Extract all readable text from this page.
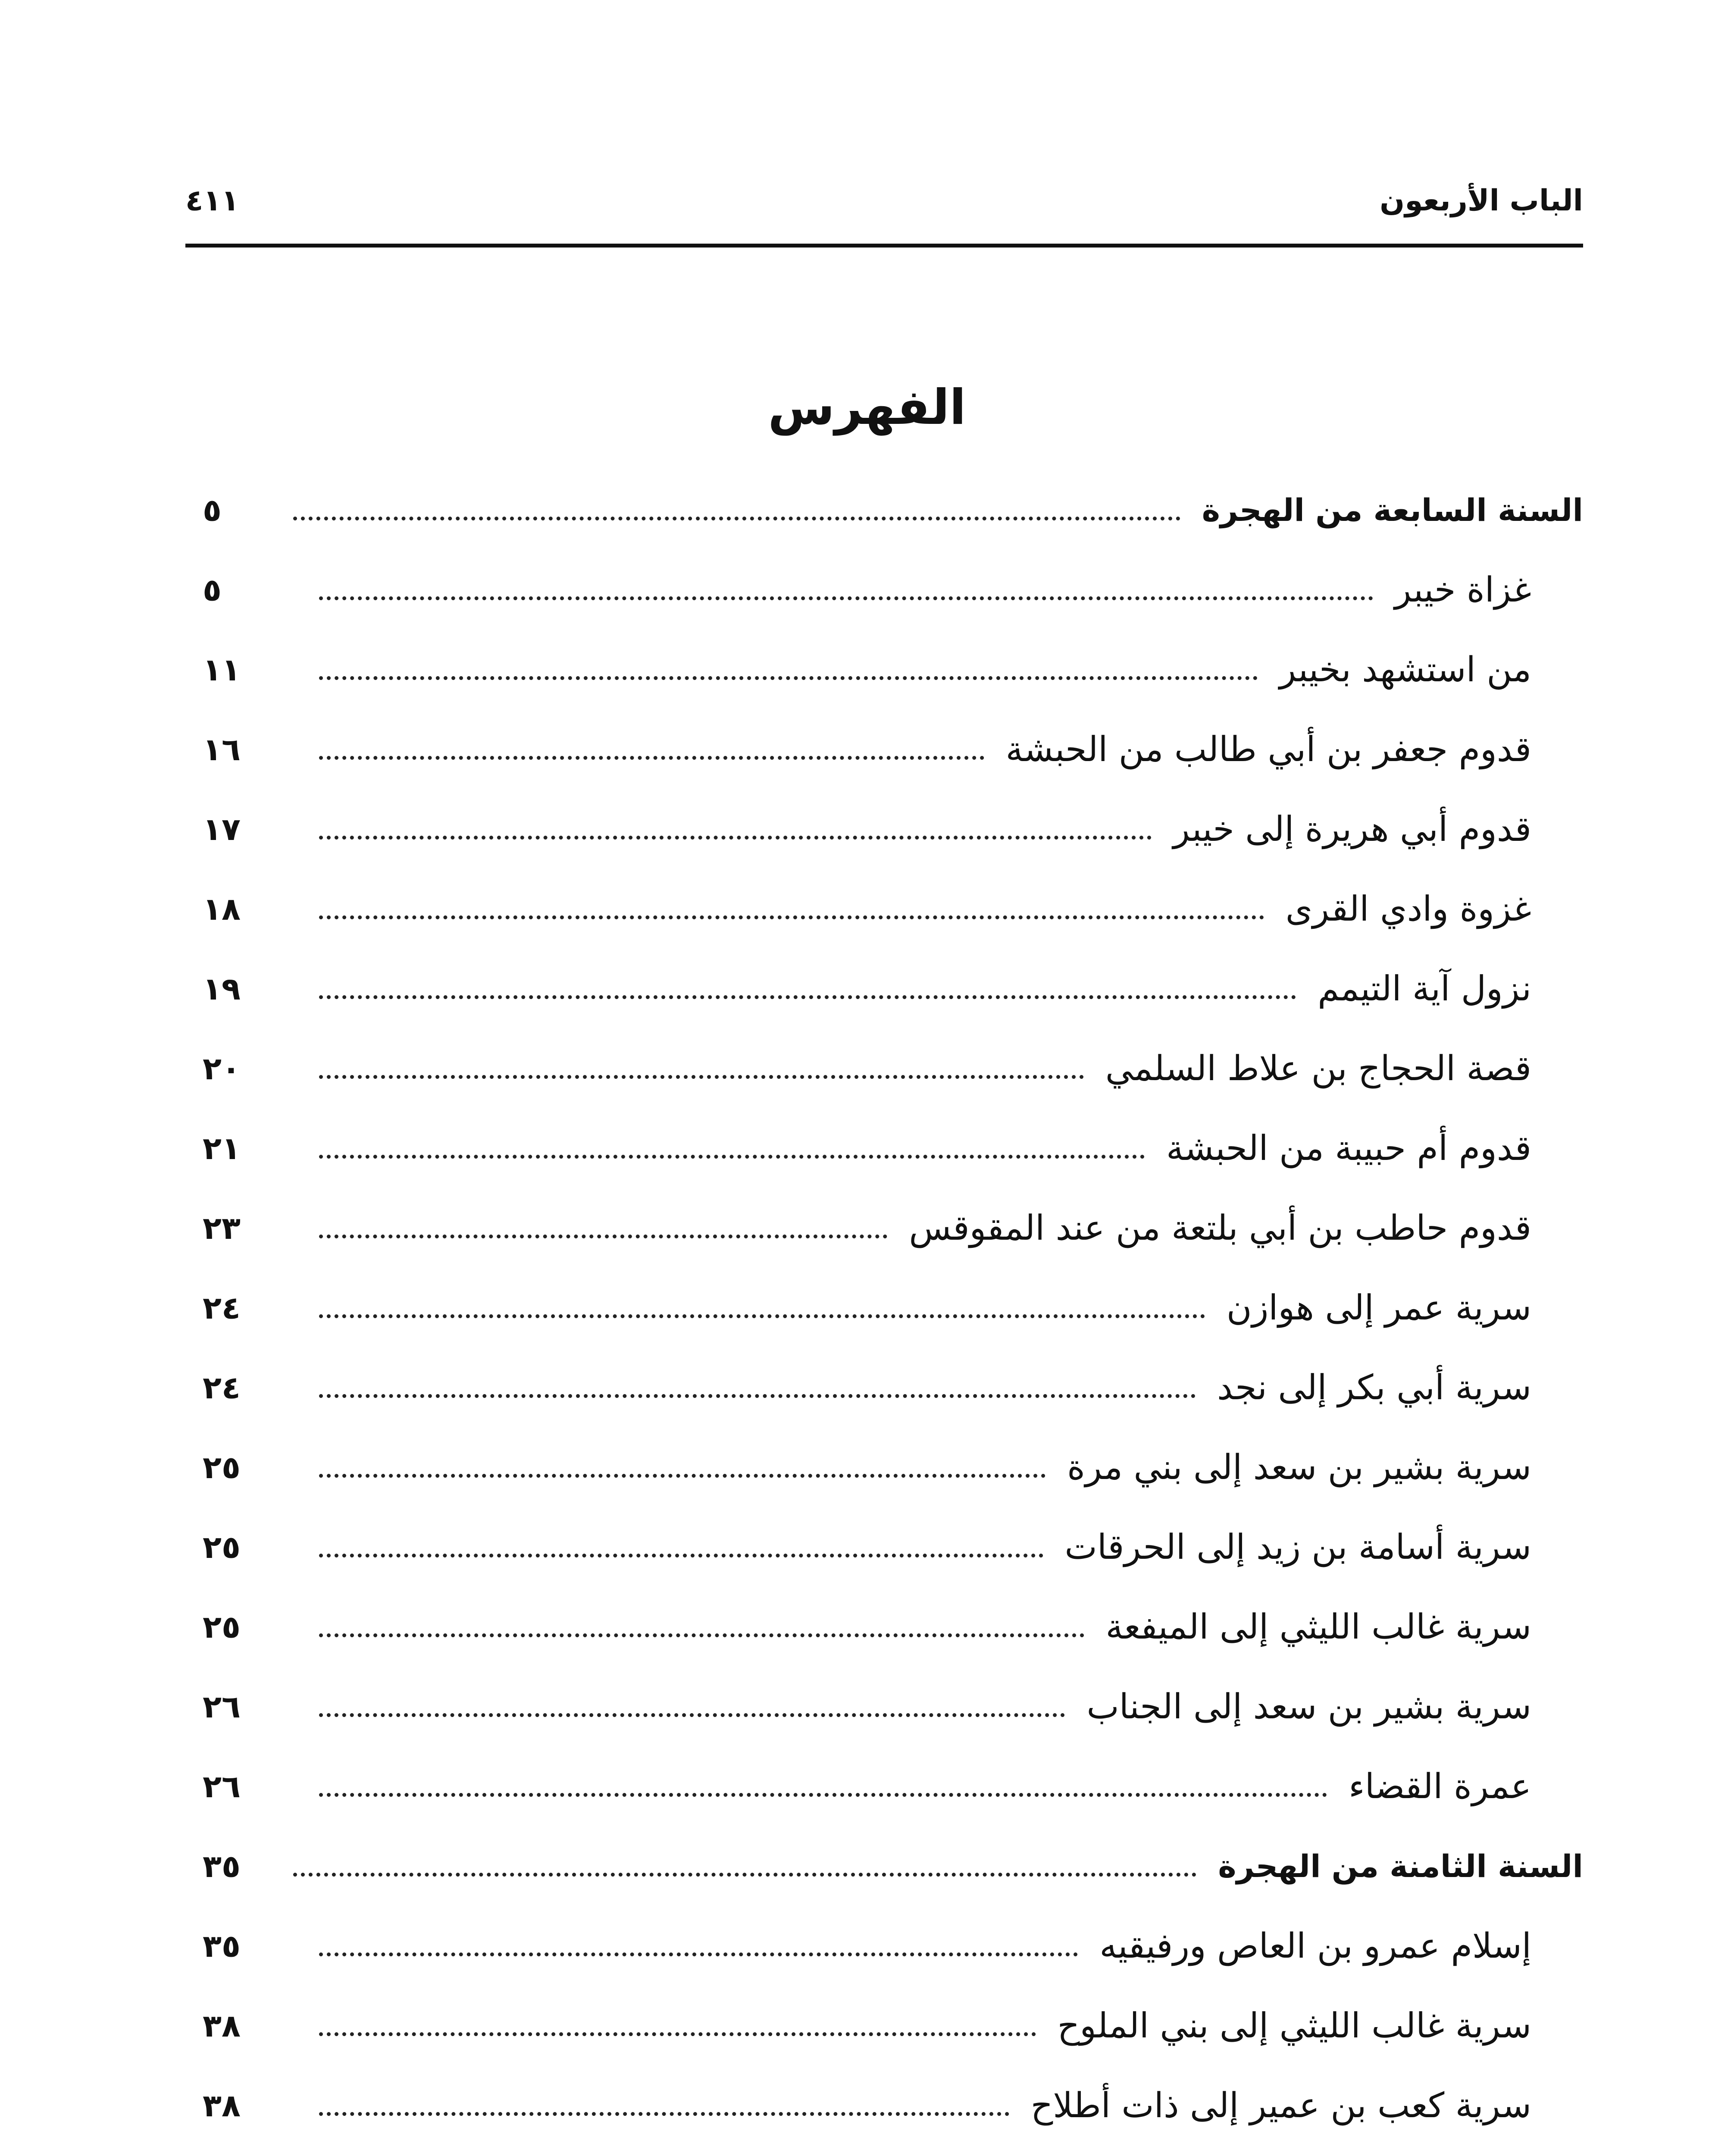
الباب الأربعون
٤١١
الفهرس
السنة السابعة من الهجرة
٥
غزاة خيبر
٥
من استشهد بخيبر
١١
قدوم جعفر بن أبي طالب من الحبشة
١٦
قدوم أبي هريرة إلى خيبر
١٧
غزوة وادي القرى
١٨
نزول آية التيمم
١٩
قصة الحجاج بن علاط السلمي
٢٠
قدوم أم حبيبة من الحبشة
٢١
قدوم حاطب بن أبي بلتعة من عند المقوقس
٢٣
سرية عمر إلى هوازن
٢٤
سرية أبي بكر إلى نجد
٢٤
سرية بشير بن سعد إلى بني مرة
٢٥
سرية أسامة بن زيد إلى الحرقات
٢٥
سرية غالب الليثي إلى الميفعة
٢٥
سرية بشير بن سعد إلى الجناب
٢٦
عمرة القضاء
٢٦
السنة الثامنة من الهجرة
٣٥
إسلام عمرو بن العاص ورفيقيه
٣٥
سرية غالب الليثي إلى بني الملوح
٣٨
سرية كعب بن عمير إلى ذات أطلاح
٣٨
